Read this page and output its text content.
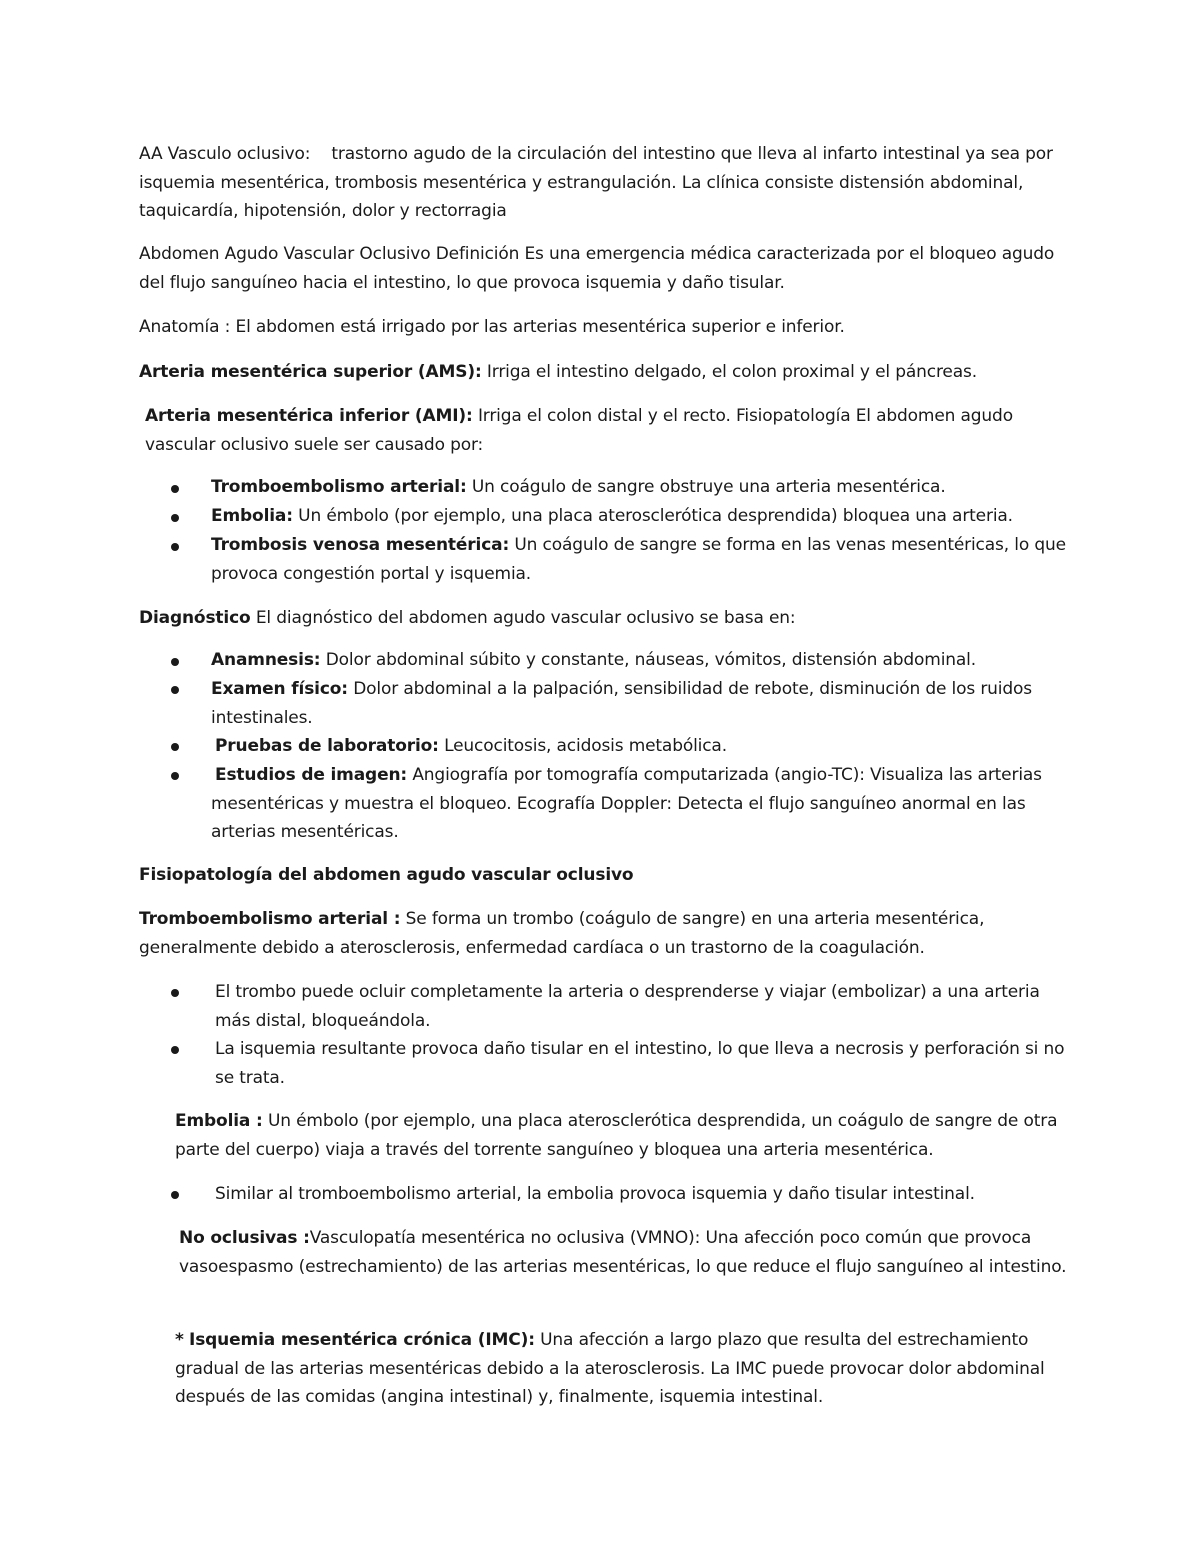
AA Vasculo oclusivo: trastorno agudo de la circulación del intestino que lleva al infarto intestinal ya sea por isquemia mesentérica, trombosis mesentérica y estrangulación. La clínica consiste distensión abdominal, taquicardía, hipotensión, dolor y rectorragia

Abdomen Agudo Vascular Oclusivo Definición Es una emergencia médica caracterizada por el bloqueo agudo del flujo sanguíneo hacia el intestino, lo que provoca isquemia y daño tisular.

Anatomía : El abdomen está irrigado por las arterias mesentérica superior e inferior.

Arteria mesentérica superior (AMS): Irriga el intestino delgado, el colon proximal y el páncreas.

Arteria mesentérica inferior (AMI): Irriga el colon distal y el recto. Fisiopatología El abdomen agudo vascular oclusivo suele ser causado por:

Tromboembolismo arterial: Un coágulo de sangre obstruye una arteria mesentérica.
Embolia: Un émbolo (por ejemplo, una placa aterosclerótica desprendida) bloquea una arteria.
Trombosis venosa mesentérica: Un coágulo de sangre se forma en las venas mesentéricas, lo que provoca congestión portal y isquemia.

Diagnóstico El diagnóstico del abdomen agudo vascular oclusivo se basa en:

Anamnesis: Dolor abdominal súbito y constante, náuseas, vómitos, distensión abdominal.
Examen físico: Dolor abdominal a la palpación, sensibilidad de rebote, disminución de los ruidos intestinales.
Pruebas de laboratorio: Leucocitosis, acidosis metabólica.
Estudios de imagen: Angiografía por tomografía computarizada (angio-TC): Visualiza las arterias mesentéricas y muestra el bloqueo. Ecografía Doppler: Detecta el flujo sanguíneo anormal en las arterias mesentéricas.

Fisiopatología del abdomen agudo vascular oclusivo

Tromboembolismo arterial : Se forma un trombo (coágulo de sangre) en una arteria mesentérica, generalmente debido a aterosclerosis, enfermedad cardíaca o un trastorno de la coagulación.

El trombo puede ocluir completamente la arteria o desprenderse y viajar (embolizar) a una arteria más distal, bloqueándola.
La isquemia resultante provoca daño tisular en el intestino, lo que lleva a necrosis y perforación si no se trata.

Embolia : Un émbolo (por ejemplo, una placa aterosclerótica desprendida, un coágulo de sangre de otra parte del cuerpo) viaja a través del torrente sanguíneo y bloquea una arteria mesentérica.

Similar al tromboembolismo arterial, la embolia provoca isquemia y daño tisular intestinal.

No oclusivas :Vasculopatía mesentérica no oclusiva (VMNO): Una afección poco común que provoca vasoespasmo (estrechamiento) de las arterias mesentéricas, lo que reduce el flujo sanguíneo al intestino.

* Isquemia mesentérica crónica (IMC): Una afección a largo plazo que resulta del estrechamiento gradual de las arterias mesentéricas debido a la aterosclerosis. La IMC puede provocar dolor abdominal después de las comidas (angina intestinal) y, finalmente, isquemia intestinal.
